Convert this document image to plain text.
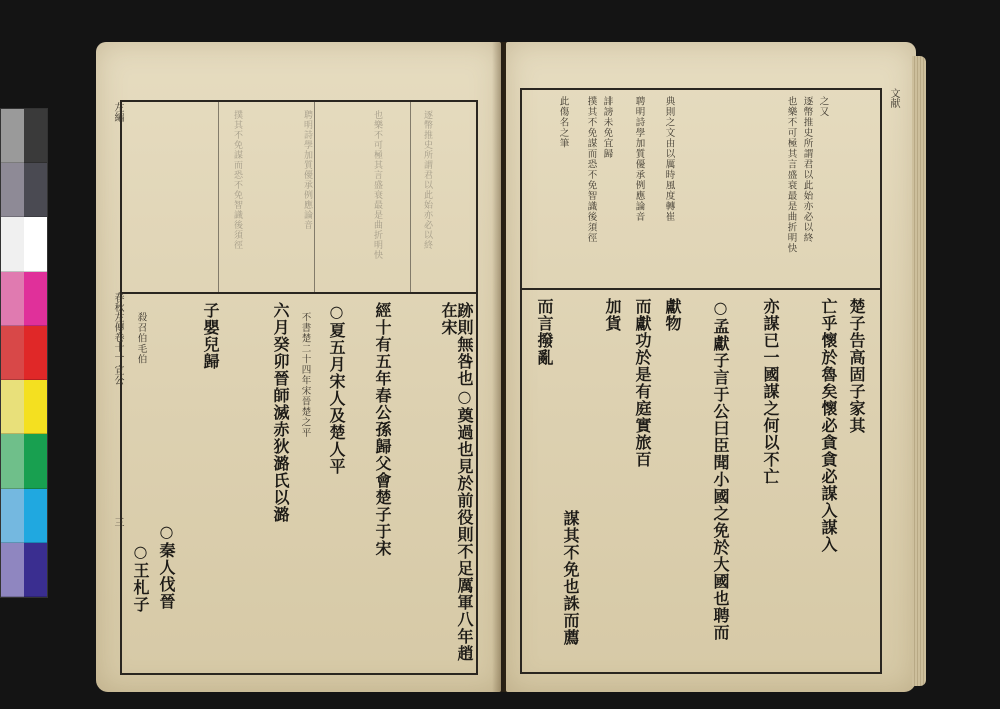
逐幣推史所謂君以此始亦必以終
也樂不可極其言盛衰最是曲折明快
聘明詩學加質優承例應論音
撲其不免謀而恐不免智識後須徑
跡則無咎也○奠過也見於前役則不足厲軍八年趙在宋
經十有五年春公孫歸父會楚子于宋
○夏五月宋人及楚人平
不書楚二十四年宋晉楚之平
六月癸卯晉師滅赤狄潞氏以潞
子嬰兒歸
○秦人伐晉
○王札子
殺召伯毛伯
左編
春秋左傳卷十一 宣公
三
之又
逐幣推史所謂君以此始亦必以終
也樂不可極其言盛衰最是曲折明快
典則之文由以厲時風度轉崔
聘明詩學加質優承例應論音
誹謗未免宜歸
撲其不免謀而恐不免智識後須徑
此傷名之筆
楚子告高固子家其
亡乎懷於魯矣懷必貪貪必謀入謀入
亦謀已一國謀之何以不亡
○孟獻子言于公曰臣聞小國之免於大國也聘而
獻物
而獻功於是有庭實旅百
加貨
謀其不免也誅而薦
而言撥亂
文献
